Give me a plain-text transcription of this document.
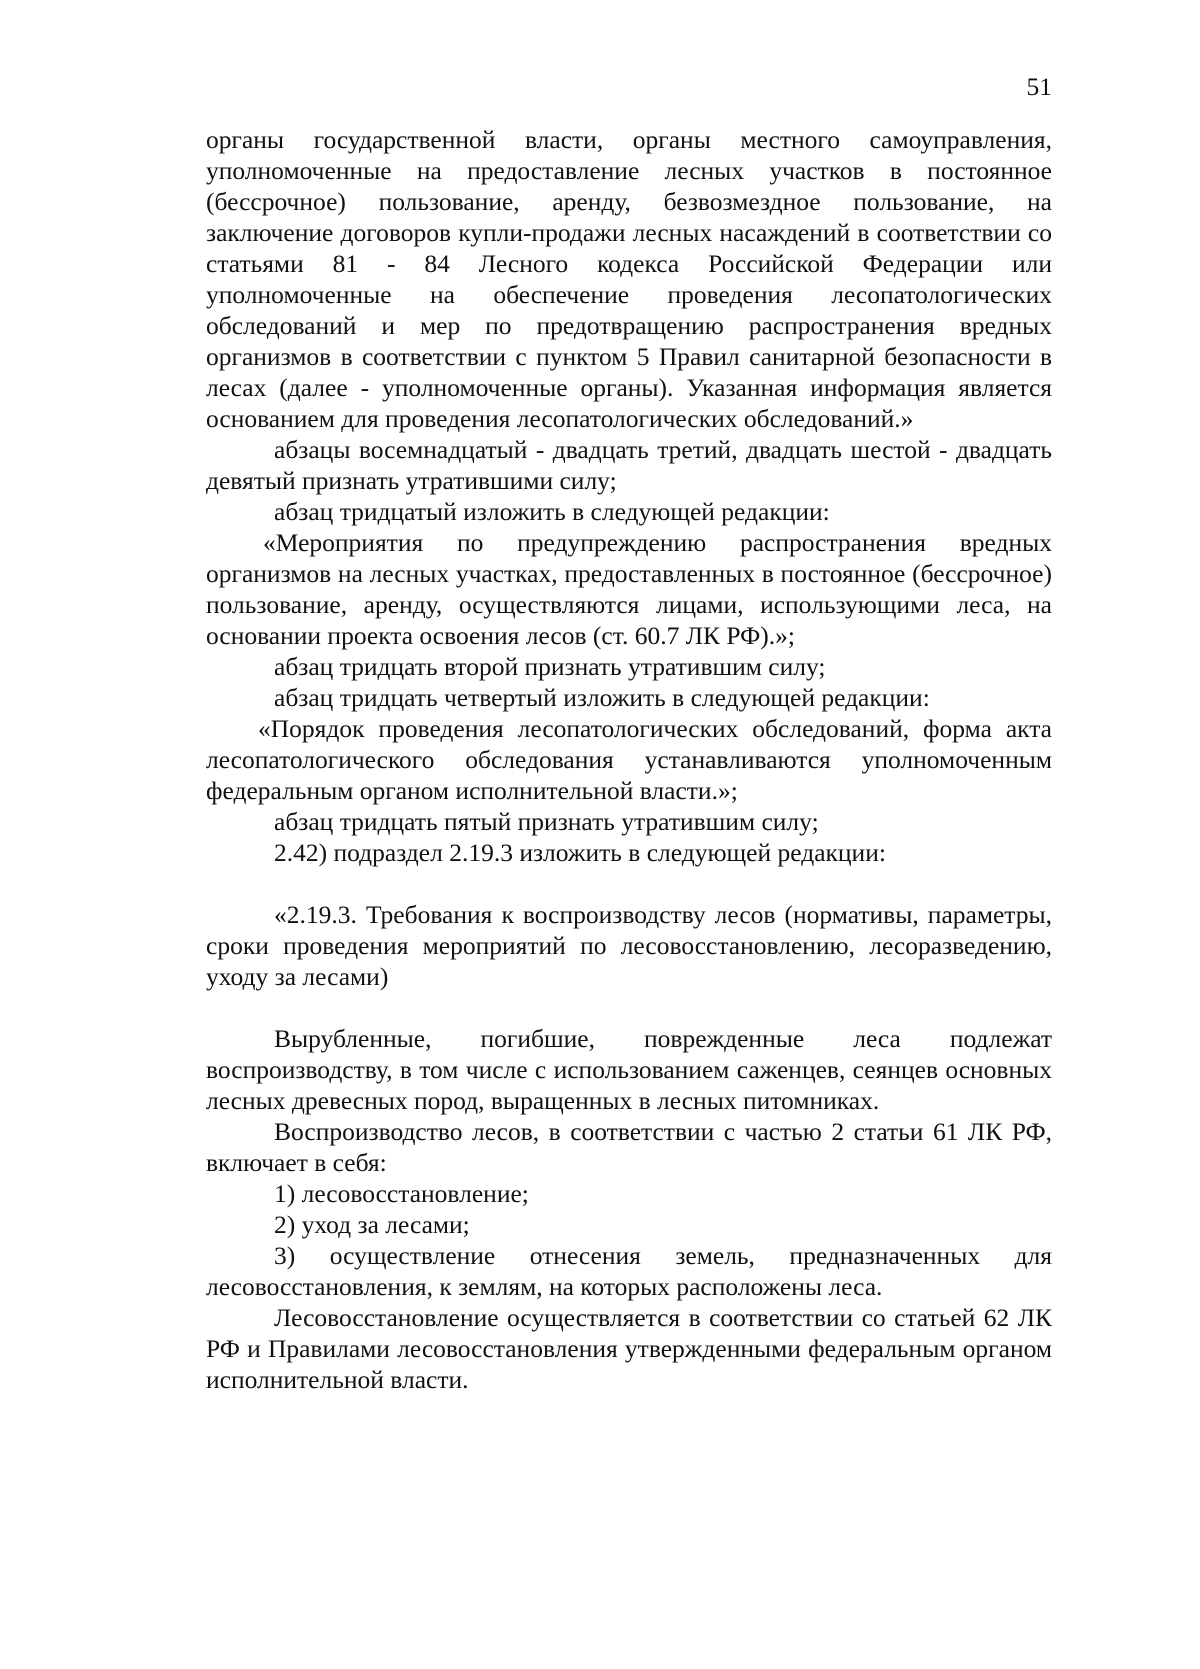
51

органы государственной власти, органы местного самоуправления, уполномоченные на предоставление лесных участков в постоянное (бессрочное) пользование, аренду, безвозмездное пользование, на заключение договоров купли-продажи лесных насаждений в соответствии со статьями 81 - 84 Лесного кодекса Российской Федерации или уполномоченные на обеспечение проведения лесопатологических обследований и мер по предотвращению распространения вредных организмов в соответствии с пунктом 5 Правил санитарной безопасности в лесах (далее - уполномоченные органы). Указанная информация является основанием для проведения лесопатологических обследований.»

абзацы восемнадцатый - двадцать третий, двадцать шестой - двадцать девятый признать утратившими силу;

абзац тридцатый изложить в следующей редакции:

«Мероприятия по предупреждению распространения вредных организмов на лесных участках, предоставленных в постоянное (бессрочное) пользование, аренду, осуществляются лицами, использующими леса, на основании проекта освоения лесов (ст. 60.7 ЛК РФ).»;

абзац тридцать второй признать утратившим силу;

абзац тридцать четвертый изложить в следующей редакции:

«Порядок проведения лесопатологических обследований, форма акта лесопатологического обследования устанавливаются уполномоченным федеральным органом исполнительной власти.»;

абзац тридцать пятый признать утратившим силу;

2.42) подраздел 2.19.3 изложить в следующей редакции:

«2.19.3. Требования к воспроизводству лесов (нормативы, параметры, сроки проведения мероприятий по лесовосстановлению, лесоразведению, уходу за лесами)

Вырубленные, погибшие, поврежденные леса подлежат воспроизводству, в том числе с использованием саженцев, сеянцев основных лесных древесных пород, выращенных в лесных питомниках.

Воспроизводство лесов, в соответствии с частью 2 статьи 61 ЛК РФ, включает в себя:

1) лесовосстановление;

2) уход за лесами;

3) осуществление отнесения земель, предназначенных для лесовосстановления, к землям, на которых расположены леса.

Лесовосстановление осуществляется в соответствии со статьей 62 ЛК РФ и Правилами лесовосстановления утвержденными федеральным органом исполнительной власти.
